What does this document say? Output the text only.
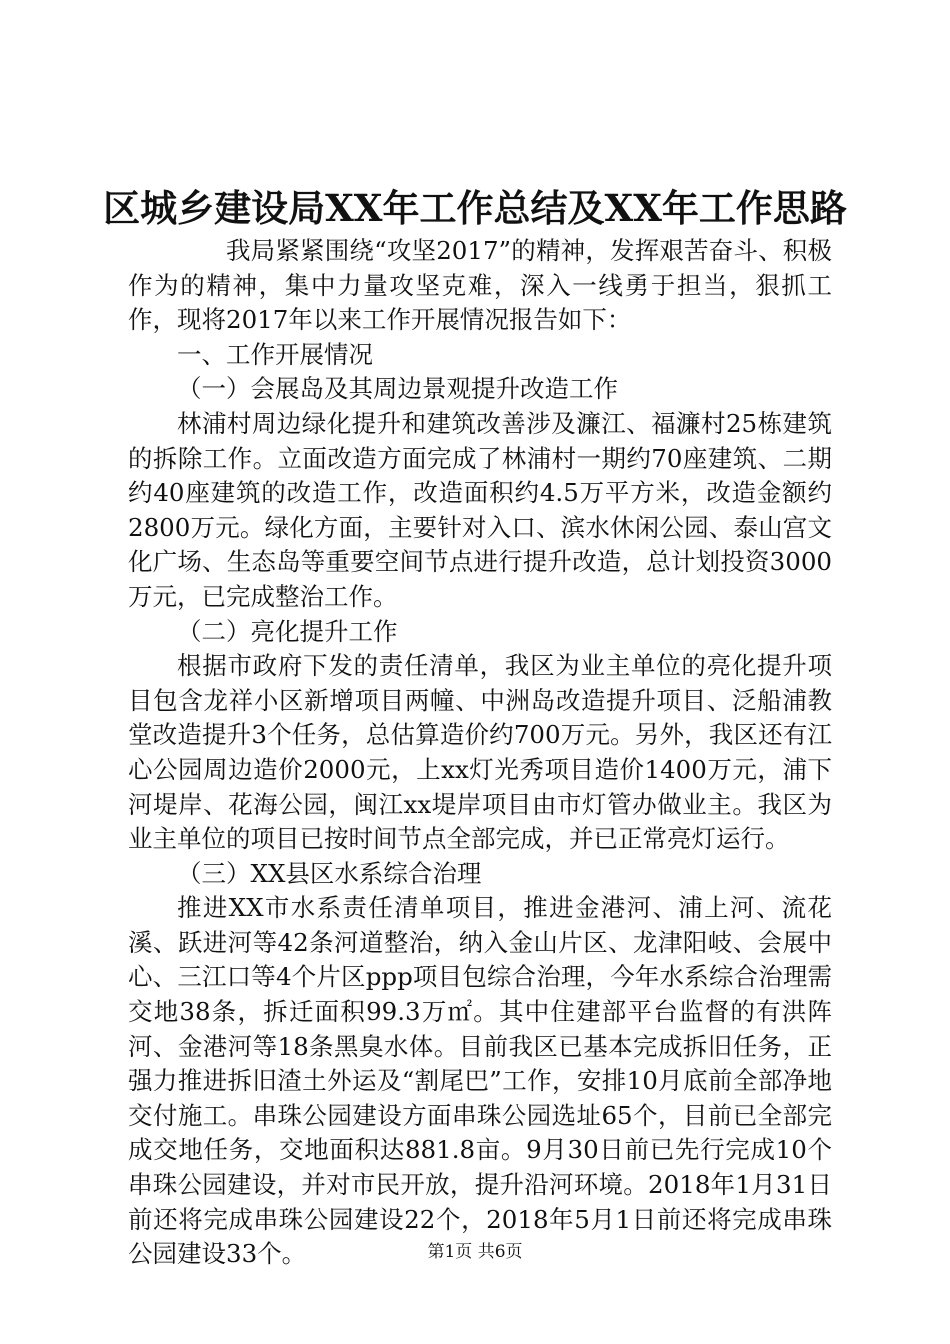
区城乡建设局XX年工作总结及XX年工作思路

我局紧紧围绕“攻坚2017”的精神，发挥艰苦奋斗、积极作为的精神，集中力量攻坚克难，深入一线勇于担当，狠抓工作，现将2017年以来工作开展情况报告如下：

一、工作开展情况

（一）会展岛及其周边景观提升改造工作

林浦村周边绿化提升和建筑改善涉及濂江、福濂村25栋建筑的拆除工作。立面改造方面完成了林浦村一期约70座建筑、二期约40座建筑的改造工作，改造面积约4.5万平方米，改造金额约2800万元。绿化方面，主要针对入口、滨水休闲公园、泰山宫文化广场、生态岛等重要空间节点进行提升改造，总计划投资3000万元，已完成整治工作。

（二）亮化提升工作

根据市政府下发的责任清单，我区为业主单位的亮化提升项目包含龙祥小区新增项目两幢、中洲岛改造提升项目、泛船浦教堂改造提升3个任务，总估算造价约700万元。另外，我区还有江心公园周边造价2000元，上xx灯光秀项目造价1400万元，浦下河堤岸、花海公园，闽江xx堤岸项目由市灯管办做业主。我区为业主单位的项目已按时间节点全部完成，并已正常亮灯运行。

（三）XX县区水系综合治理

推进XX市水系责任清单项目，推进金港河、浦上河、流花溪、跃进河等42条河道整治，纳入金山片区、龙津阳岐、会展中心、三江口等4个片区ppp项目包综合治理，今年水系综合治理需交地38条，拆迁面积99.3万㎡。其中住建部平台监督的有洪阵河、金港河等18条黑臭水体。目前我区已基本完成拆旧任务，正强力推进拆旧渣土外运及“割尾巴”工作，安排10月底前全部净地交付施工。串珠公园建设方面串珠公园选址65个，目前已全部完成交地任务，交地面积达881.8亩。9月30日前已先行完成10个串珠公园建设，并对市民开放，提升沿河环境。2018年1月31日前还将完成串珠公园建设22个，2018年5月1日前还将完成串珠公园建设33个。	第1页 共6页
